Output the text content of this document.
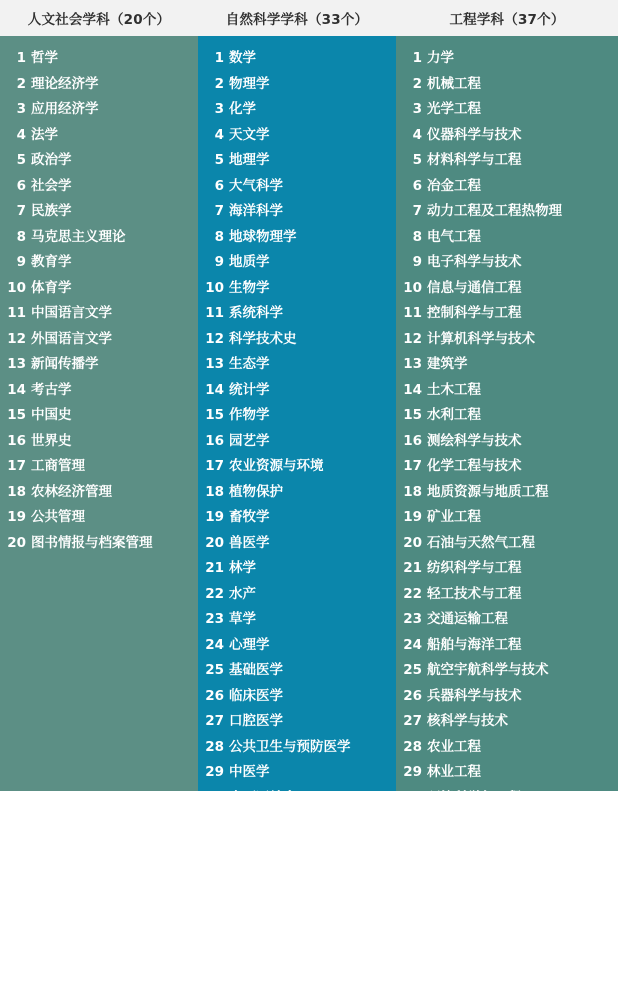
人文社会学科（20个）	自然科学学科（33个）	工程学科（37个）
1 哲学
2 理论经济学
3 应用经济学
4 法学
5 政治学
6 社会学
7 民族学
8 马克思主义理论
9 教育学
10 体育学
11 中国语言文学
12 外国语言文学
13 新闻传播学
14 考古学
15 中国史
16 世界史
17 工商管理
18 农林经济管理
19 公共管理
20 图书情报与档案管理
1 数学
2 物理学
3 化学
4 天文学
5 地理学
6 大气科学
7 海洋科学
8 地球物理学
9 地质学
10 生物学
11 系统科学
12 科学技术史
13 生态学
14 统计学
15 作物学
16 园艺学
17 农业资源与环境
18 植物保护
19 畜牧学
20 兽医学
21 林学
22 水产
23 草学
24 心理学
25 基础医学
26 临床医学
27 口腔医学
28 公共卫生与预防医学
29 中医学
30 中西医结合
31 药学
32 中药学
33 护理学
1 力学
2 机械工程
3 光学工程
4 仪器科学与技术
5 材料科学与工程
6 冶金工程
7 动力工程及工程热物理
8 电气工程
9 电子科学与技术
10 信息与通信工程
11 控制科学与工程
12 计算机科学与技术
13 建筑学
14 土木工程
15 水利工程
16 测绘科学与技术
17 化学工程与技术
18 地质资源与地质工程
19 矿业工程
20 石油与天然气工程
21 纺织科学与工程
22 轻工技术与工程
23 交通运输工程
24 船舶与海洋工程
25 航空宇航科学与技术
26 兵器科学与技术
27 核科学与技术
28 农业工程
29 林业工程
30 环境科学与工程
31 生物医学工程
32 食品科学与工程
33 城乡规划学
34 风景园林学
35 软件工程
36 管理科学与工程
37 安全科学与工程
